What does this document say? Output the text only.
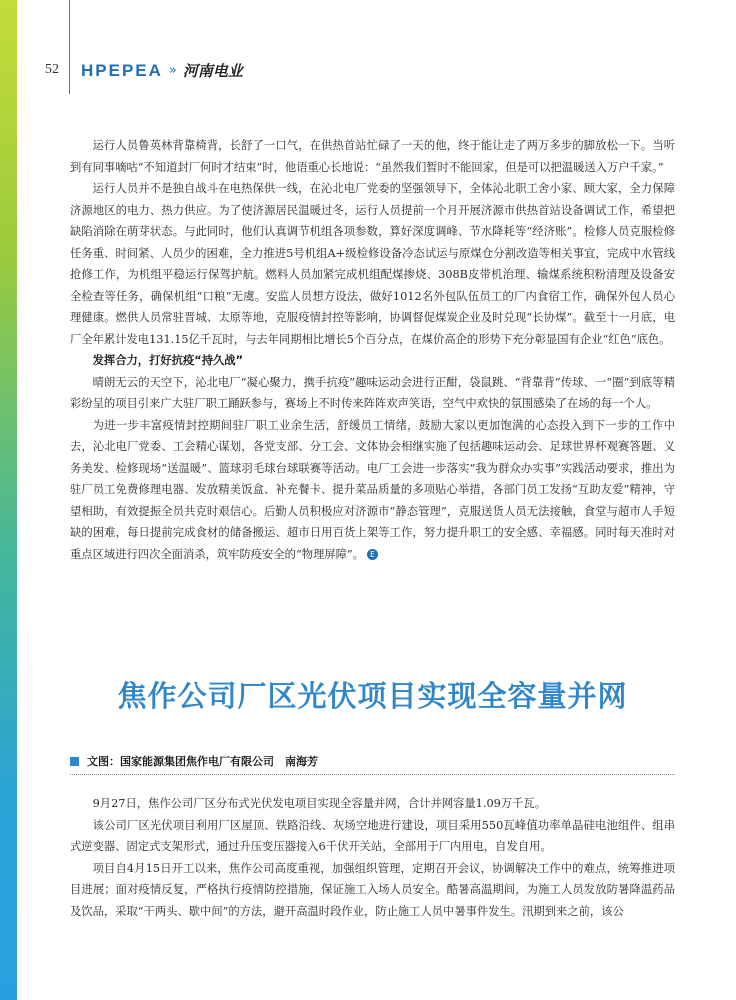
52 HPEPEA » 河南电业

运行人员鲁英林背靠椅背，长舒了一口气，在供热首站忙碌了一天的他，终于能让走了两万多步的脚放松一下。当听到有同事嘀咕“不知道封厂何时才结束”时，他语重心长地说：“虽然我们暂时不能回家，但是可以把温暖送入万户千家。”

运行人员并不是独自战斗在电热保供一线，在沁北电厂党委的坚强领导下，全体沁北职工舍小家、顾大家，全力保障济源地区的电力、热力供应。为了使济源居民温暖过冬，运行人员提前一个月开展济源市供热首站设备调试工作，希望把缺陷消除在萌芽状态。与此同时，他们认真调节机组各项参数，算好深度调峰、节水降耗等“经济账”。检修人员克服检修任务重、时间紧、人员少的困难，全力推进5号机组A+级检修设备冷态试运与原煤仓分割改造等相关事宜，完成中水管线抢修工作，为机组平稳运行保驾护航。燃料人员加紧完成机组配煤掺烧、308B皮带机治理、输煤系统积粉清理及设备安全检查等任务，确保机组“口粮”无虞。安监人员想方设法，做好1012名外包队伍员工的厂内食宿工作，确保外包人员心理健康。燃供人员常驻晋城、太原等地，克服疫情封控等影响，协调督促煤炭企业及时兑现“长协煤”。截至十一月底，电厂全年累计发电131.15亿千瓦时，与去年同期相比增长5个百分点，在煤价高企的形势下充分彰显国有企业“红色”底色。

发挥合力，打好抗疫“持久战”

晴朗无云的天空下，沁北电厂“凝心聚力，携手抗疫”趣味运动会进行正酣，袋鼠跳、“背靠背”传球、一“圈”到底等精彩纷呈的项目引来广大驻厂职工踊跃参与，赛场上不时传来阵阵欢声笑语，空气中欢快的氛围感染了在场的每一个人。

为进一步丰富疫情封控期间驻厂职工业余生活，舒缓员工情绪，鼓励大家以更加饱满的心态投入到下一步的工作中去，沁北电厂党委、工会精心谋划，各党支部、分工会、文体协会相继实施了包括趣味运动会、足球世界杯观赛答题、义务美发、检修现场“送温暖”、篮球羽毛球台球联赛等活动。电厂工会进一步落实“我为群众办实事”实践活动要求，推出为驻厂员工免费修理电器、发放精美饭盒、补充餐卡、提升菜品质量的多项贴心举措，各部门员工发扬“互助友爱”精神，守望相助，有效提振全员共克时艰信心。后勤人员积极应对济源市“静态管理”，克服送货人员无法接触，食堂与超市人手短缺的困难，每日提前完成食材的储备搬运、超市日用百货上架等工作，努力提升职工的安全感、幸福感。同时每天准时对重点区域进行四次全面消杀，筑牢防疫安全的“物理屏障”。 E

焦作公司厂区光伏项目实现全容量并网
文图：国家能源集团焦作电厂有限公司　南海芳

9月27日，焦作公司厂区分布式光伏发电项目实现全容量并网，合计并网容量1.09万千瓦。

该公司厂区光伏项目利用厂区屋顶、铁路沿线、灰场空地进行建设，项目采用550瓦峰值功率单晶硅电池组件、组串式逆变器、固定式支架形式，通过升压变压器接入6千伏开关站，全部用于厂内用电，自发自用。

项目自4月15日开工以来，焦作公司高度重视，加强组织管理，定期召开会议，协调解决工作中的难点，统筹推进项目进展；面对疫情反复，严格执行疫情防控措施，保证施工入场人员安全。酷暑高温期间，为施工人员发放防暑降温药品及饮品，采取“干两头、歇中间”的方法，避开高温时段作业，防止施工人员中暑事件发生。汛期到来之前，该公
